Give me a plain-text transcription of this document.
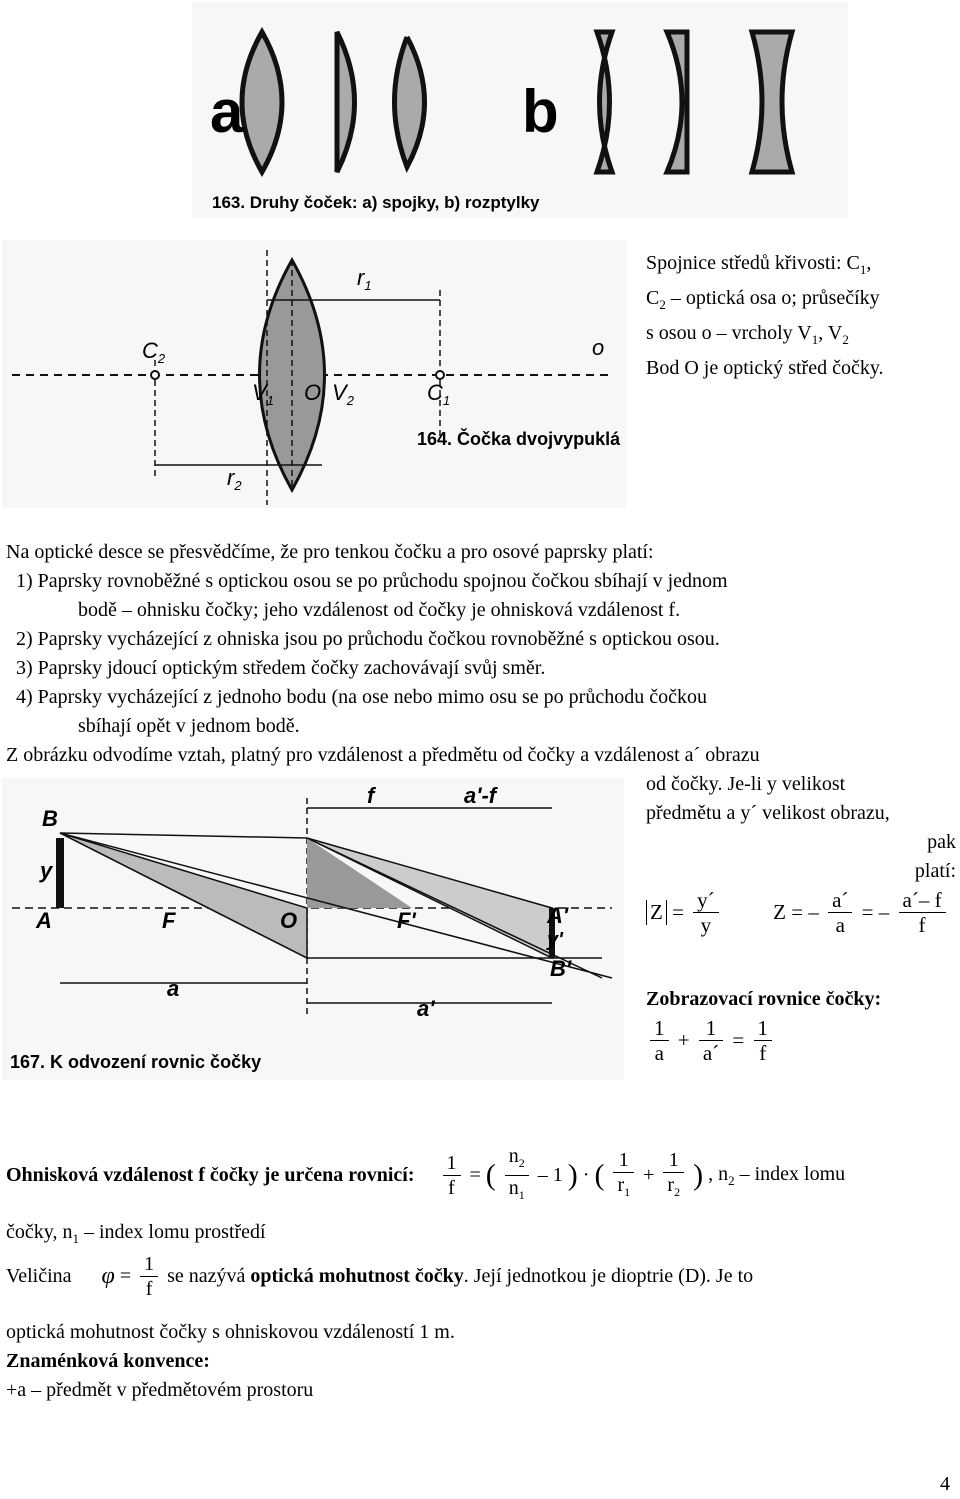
a	b
163. Druhy čoček: a) spojky, b) rozptylky
$r_1$
$C_2$
$V_1$ O $V_2$	$C_1$
o
$r_2$
164. Čočka dvojvypuklá
Spojnice středů křivosti: $C_1$,
$C_2$ – optická osa o; průsečíky
s osou o – vrcholy $V_1$, $V_2$
Bod O je optický střed čočky.
Na optické desce se přesvědčíme, že pro tenkou čočku a pro osové paprsky platí:
1) Paprsky rovnoběžné s optickou osou se po průchodu spojnou čočkou sbíhají v jednom
bodě – ohnisku čočky; jeho vzdálenost od čočky je ohnisková vzdálenost f.
2) Paprsky vycházející z ohniska jsou po průchodu čočkou rovnoběžné s optickou osou.
3) Paprsky jdoucí optickým středem čočky zachovávají svůj směr.
4) Paprsky vycházející z jednoho bodu (na ose nebo mimo osu se po průchodu čočkou
sbíhají opět v jednom bodě.
Z obrázku odvodíme vztah, platný pro vzdálenost a předmětu od čočky a vzdálenost a´ obrazu
B
y
A	F	O	F'	A'
y'
B'
f	a'-f
a
a'
167. K odvození rovnic čočky
od čočky. Je-li y velikost
předmětu a y´ velikost obrazu,
pak
platí:
$Z = \frac{y´}{y}$	Z = – $\frac{a´}{a}$ = – $\frac{a´- f}{f}$
Zobrazovací rovnice čočky:
$\frac{1}{a} + \frac{1}{a´} = \frac{1}{f}$
Ohnisková vzdálenost f čočky je určena rovnicí: $\frac{1}{f}$ = ( $\frac{n_2}{n_1} - 1$ ) · ( $\frac{1}{r_1} + \frac{1}{r_2}$ ) , $n_2$ – index lomu
čočky, $n_1$ – index lomu prostředí
Veličina $\varphi = \frac{1}{f}$ se nazývá optická mohutnost čočky. Její jednotkou je dioptrie (D). Je to
optická mohutnost čočky s ohniskovou vzdáleností 1 m.
Znaménková konvence:
+a – předmět v předmětovém prostoru
4
